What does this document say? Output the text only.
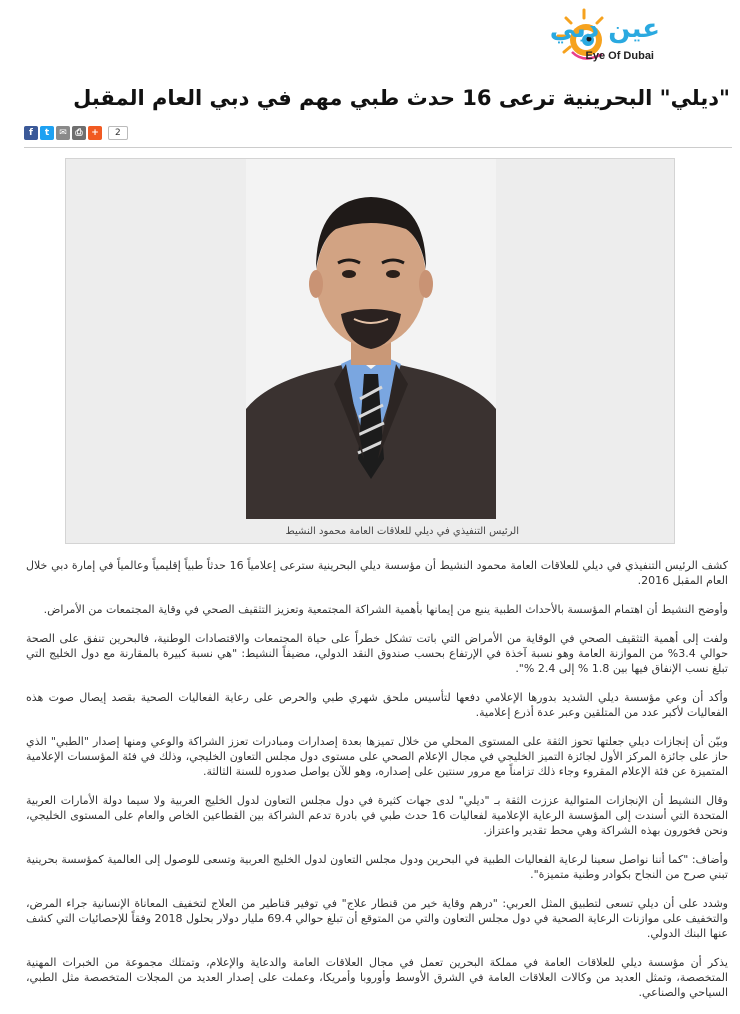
عين دبي
Eye Of Dubai
"ديلي" البحرينية ترعى 16 حدث طبي مهم في دبي العام المقبل
f	t	✉ ⎙ +	2
الرئيس التنفيذي في ديلي للعلاقات العامة محمود النشيط

كشف الرئيس التنفيذي في ديلي للعلاقات العامة محمود النشيط أن مؤسسة ديلي البحرينية سترعى إعلامياً 16 حدثاً طبياً إقليمياً وعالمياً في إمارة دبي خلال العام المقبل 2016.

وأوضح النشيط أن اهتمام المؤسسة بالأحداث الطبية ينبع من إيمانها بأهمية الشراكة المجتمعية وتعزيز التثقيف الصحي في وقاية المجتمعات من الأمراض.

ولفت إلى أهمية التثقيف الصحي في الوقاية من الأمراض التي باتت تشكل خطراً على حياة المجتمعات والاقتصادات الوطنية، فالبحرين تنفق على الصحة حوالي 3.4% من الموازنة العامة وهو نسبة آخذة في الإرتفاع بحسب صندوق النقد الدولي، مضيفاً النشيط: "هي نسبة كبيرة بالمقارنة مع دول الخليج التي تبلغ نسب الإنفاق فيها بين 1.8 % إلى 2.4 %".

وأكد أن وعي مؤسسة ديلي الشديد بدورها الإعلامي دفعها لتأسيس ملحق شهري طبي والحرص على رعاية الفعاليات الصحية بقصد إيصال صوت هذه الفعاليات لأكبر عدد من المتلقين وعبر عدة أذرع إعلامية.

وبيّن أن إنجازات ديلي جعلتها تحوز الثقة على المستوى المحلي من خلال تميزها بعدة إصدارات ومبادرات تعزز الشراكة والوعي ومنها إصدار "الطبي" الذي حاز على جائزة المركز الأول لجائزة التميز الخليجي في مجال الإعلام الصحي على مستوى دول مجلس التعاون الخليجي، وذلك في فئة المؤسسات الإعلامية المتميزة عن فئة الإعلام المقروء وجاء ذلك تزامناً مع مرور سنتين على إصداره، وهو للآن يواصل صدوره للسنة الثالثة.

وقال النشيط أن الإنجازات المتوالية عززت الثقة بـ "ديلي" لدى جهات كثيرة في دول مجلس التعاون لدول الخليج العربية ولا سيما دولة الأمارات العربية المتحدة التي أسندت إلى المؤسسة الرعاية الإعلامية لفعاليات 16 حدث طبي في بادرة تدعم الشراكة بين القطاعين الخاص والعام على المستوى الخليجي، ونحن فخورون بهذه الشراكة وهي محط تقدير واعتزاز.

وأضاف: "كما أننا نواصل سعينا لرعاية الفعاليات الطبية في البحرين ودول مجلس التعاون لدول الخليج العربية وتسعى للوصول إلى العالمية كمؤسسة بحرينية تبني صرح من النجاح بكوادر وطنية متميزة".

وشدد على أن ديلي تسعى لتطبيق المثل العربي: "درهم وقاية خير من قنطار علاج" في توفير قناطير من العلاج لتخفيف المعاناة الإنسانية جراء المرض، والتخفيف على موازنات الرعاية الصحية في دول مجلس التعاون والتي من المتوقع أن تبلغ حوالي 69.4 مليار دولار بحلول 2018 وفقاً للإحصائيات التي كشف عنها البنك الدولي.

يذكر أن مؤسسة ديلي للعلاقات العامة في مملكة البحرين تعمل في مجال العلاقات العامة والدعاية والإعلام، وتمتلك مجموعة من الخبرات المهنية المتخصصة، وتمثل العديد من وكالات العلاقات العامة في الشرق الأوسط وأوروبا وأمريكا، وعملت على إصدار العديد من المجلات المتخصصة مثل الطبي، السياحي والصناعي.
